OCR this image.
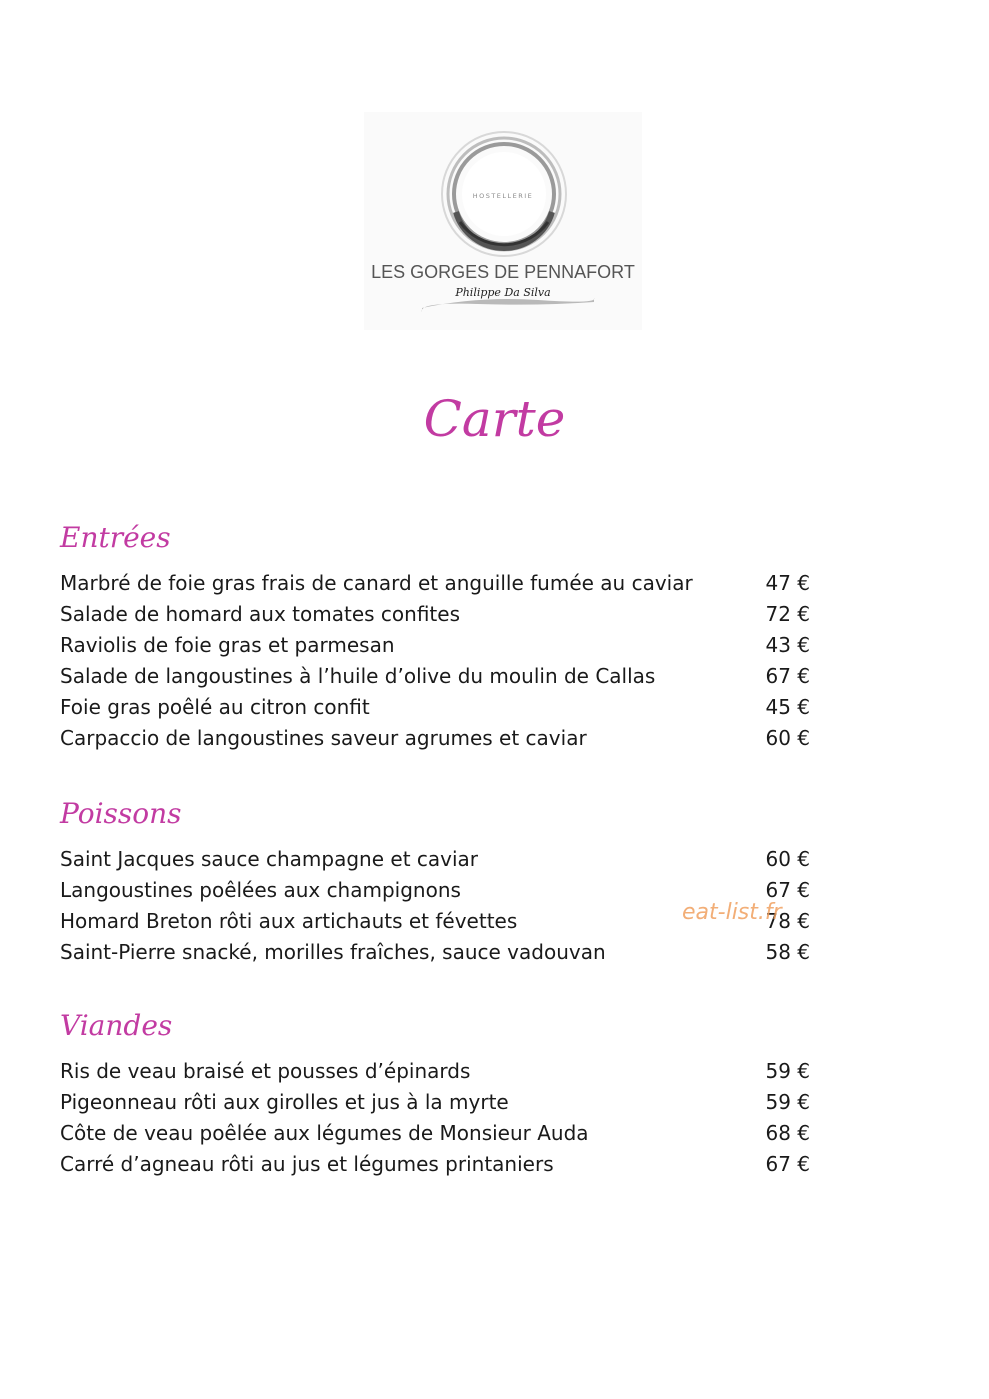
HOSTELLERIE
LES GORGES DE PENNAFORT
Philippe Da Silva
Carte
Entrées
Marbré de foie gras frais de canard et anguille fumée au caviar	47 €
Salade de homard aux tomates confites	72 €
Raviolis de foie gras et parmesan	43 €
Salade de langoustines à l’huile d’olive du moulin de Callas	67 €
Foie gras poêlé au citron confit	45 €
Carpaccio de langoustines saveur agrumes et caviar	60 €
Poissons
Saint Jacques sauce champagne et caviar	60 €
Langoustines poêlées aux champignons	67 €
Homard Breton rôti aux artichauts et févettes	78 €
Saint-Pierre snacké, morilles fraîches, sauce vadouvan	58 €
Viandes
Ris de veau braisé et pousses d’épinards	59 €
Pigeonneau rôti aux girolles et jus à la myrte	59 €
Côte de veau poêlée aux légumes de Monsieur Auda	68 €
Carré d’agneau rôti au jus et légumes printaniers	67 €
eat-list.fr
